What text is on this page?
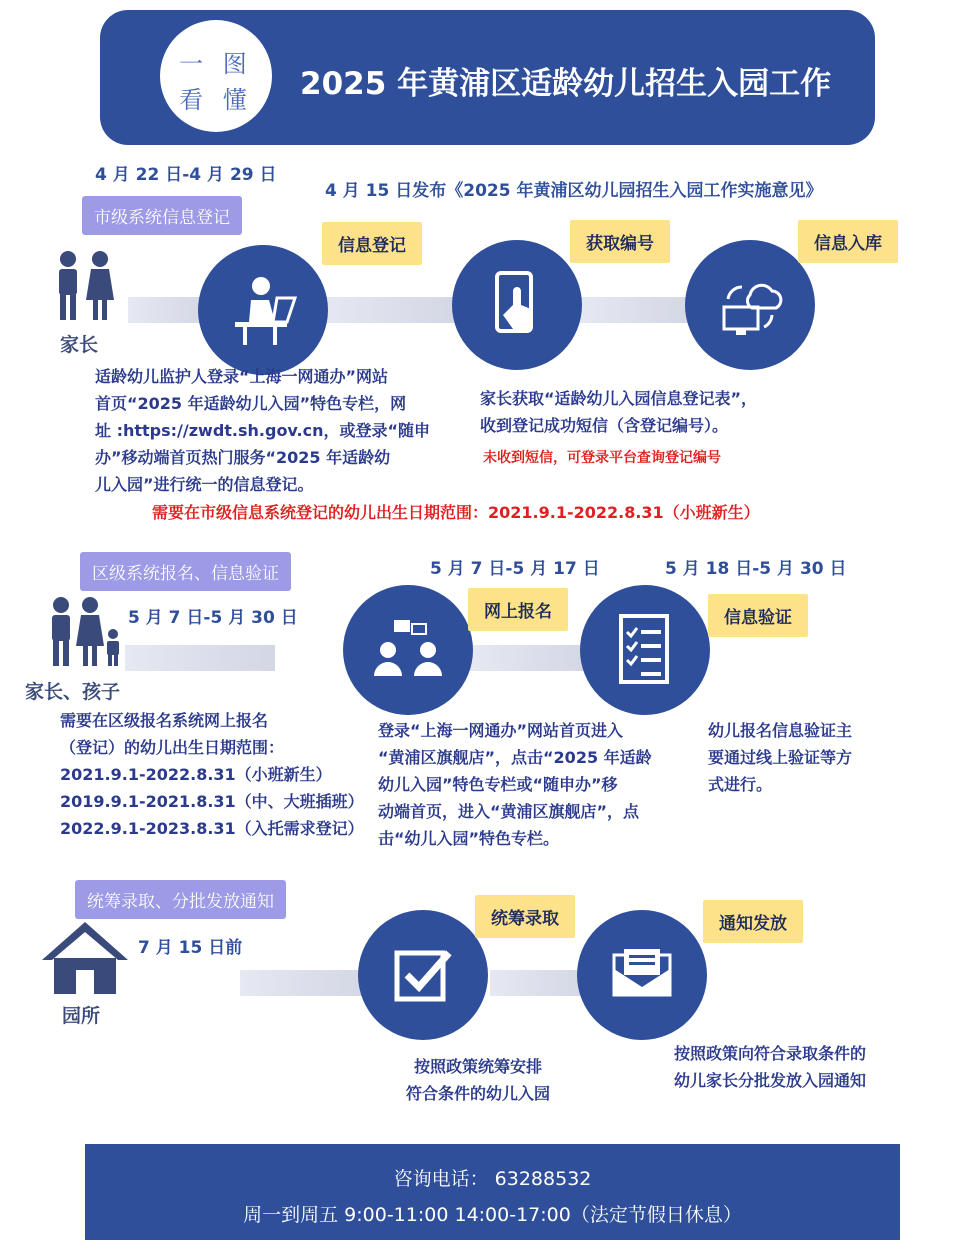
一 图
看 懂	2025 年黄浦区适龄幼儿招生入园工作
4 月 22 日-4 月 29 日
市级系统信息登记
4 月 15 日发布《2025 年黄浦区幼儿园招生入园工作实施意见》
家长
信息登记	获取编号	信息入库
适龄幼儿监护人登录“上海一网通办”网站
首页“2025 年适龄幼儿入园”特色专栏，网
址 :https://zwdt.sh.gov.cn，或登录“随申
办”移动端首页热门服务“2025 年适龄幼
儿入园”进行统一的信息登记。
家长获取“适龄幼儿入园信息登记表”，
收到登记成功短信（含登记编号）。
未收到短信，可登录平台查询登记编号
需要在市级信息系统登记的幼儿出生日期范围：2021.9.1-2022.8.31（小班新生）
区级系统报名、信息验证
5 月 7 日-5 月 30 日
5 月 7 日-5 月 17 日	5 月 18 日-5 月 30 日
家长、孩子
网上报名	信息验证
需要在区级报名系统网上报名
（登记）的幼儿出生日期范围：
2021.9.1-2022.8.31（小班新生）
2019.9.1-2021.8.31（中、大班插班）
2022.9.1-2023.8.31（入托需求登记）
登录“上海一网通办”网站首页进入
“黄浦区旗舰店”，点击“2025 年适龄
幼儿入园”特色专栏或“随申办”移
动端首页，进入“黄浦区旗舰店”，点
击“幼儿入园”特色专栏。
幼儿报名信息验证主
要通过线上验证等方
式进行。
统筹录取、分批发放通知
7 月 15 日前
园所
统筹录取	通知发放
按照政策统筹安排
符合条件的幼儿入园
按照政策向符合录取条件的
幼儿家长分批发放入园通知
咨询电话： 63288532
周一到周五 9:00-11:00 14:00-17:00（法定节假日休息）
